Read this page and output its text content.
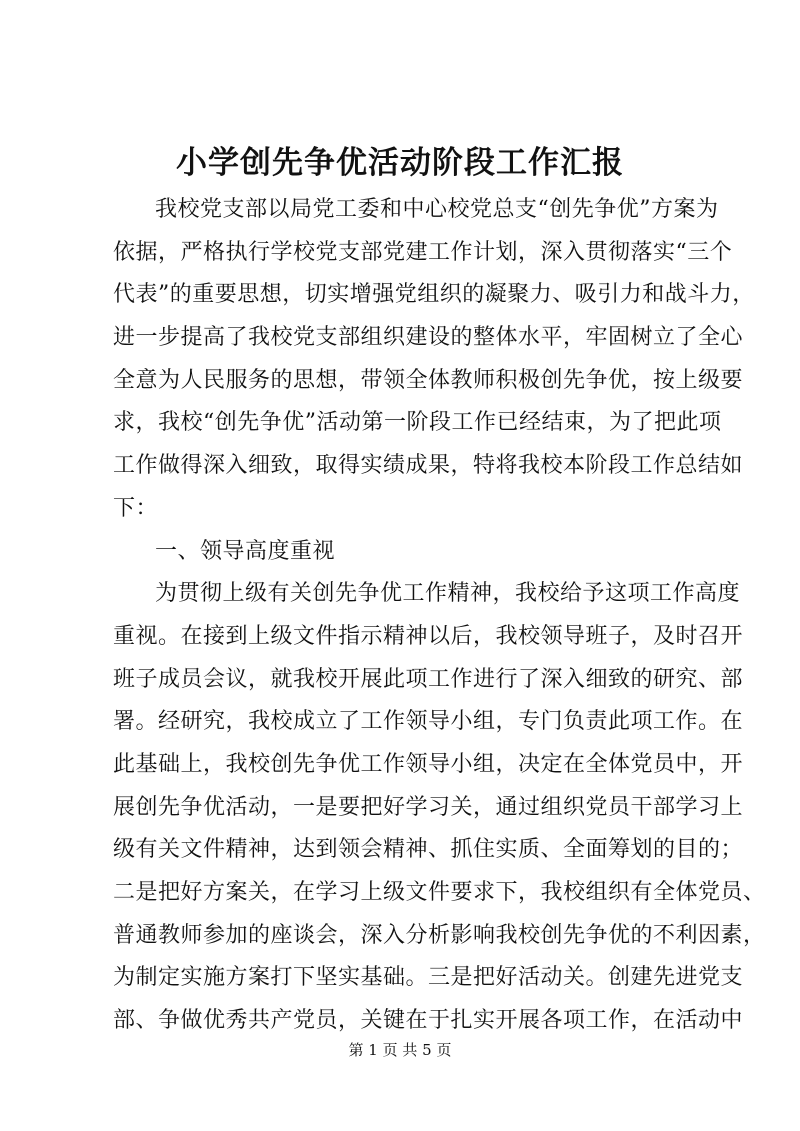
小学创先争优活动阶段工作汇报
我校党支部以局党工委和中心校党总支“创先争优”方案为
依据，严格执行学校党支部党建工作计划，深入贯彻落实“三个
代表”的重要思想，切实增强党组织的凝聚力、吸引力和战斗力，
进一步提高了我校党支部组织建设的整体水平，牢固树立了全心
全意为人民服务的思想，带领全体教师积极创先争优，按上级要
求，我校“创先争优”活动第一阶段工作已经结束，为了把此项
工作做得深入细致，取得实绩成果，特将我校本阶段工作总结如
下：
一、领导高度重视
为贯彻上级有关创先争优工作精神，我校给予这项工作高度
重视。在接到上级文件指示精神以后，我校领导班子，及时召开
班子成员会议，就我校开展此项工作进行了深入细致的研究、部
署。经研究，我校成立了工作领导小组，专门负责此项工作。在
此基础上，我校创先争优工作领导小组，决定在全体党员中，开
展创先争优活动，一是要把好学习关，通过组织党员干部学习上
级有关文件精神，达到领会精神、抓住实质、全面筹划的目的；
二是把好方案关，在学习上级文件要求下，我校组织有全体党员、
普通教师参加的座谈会，深入分析影响我校创先争优的不利因素，
为制定实施方案打下坚实基础。三是把好活动关。创建先进党支
部、争做优秀共产党员，关键在于扎实开展各项工作，在活动中
第 1 页 共 5 页
